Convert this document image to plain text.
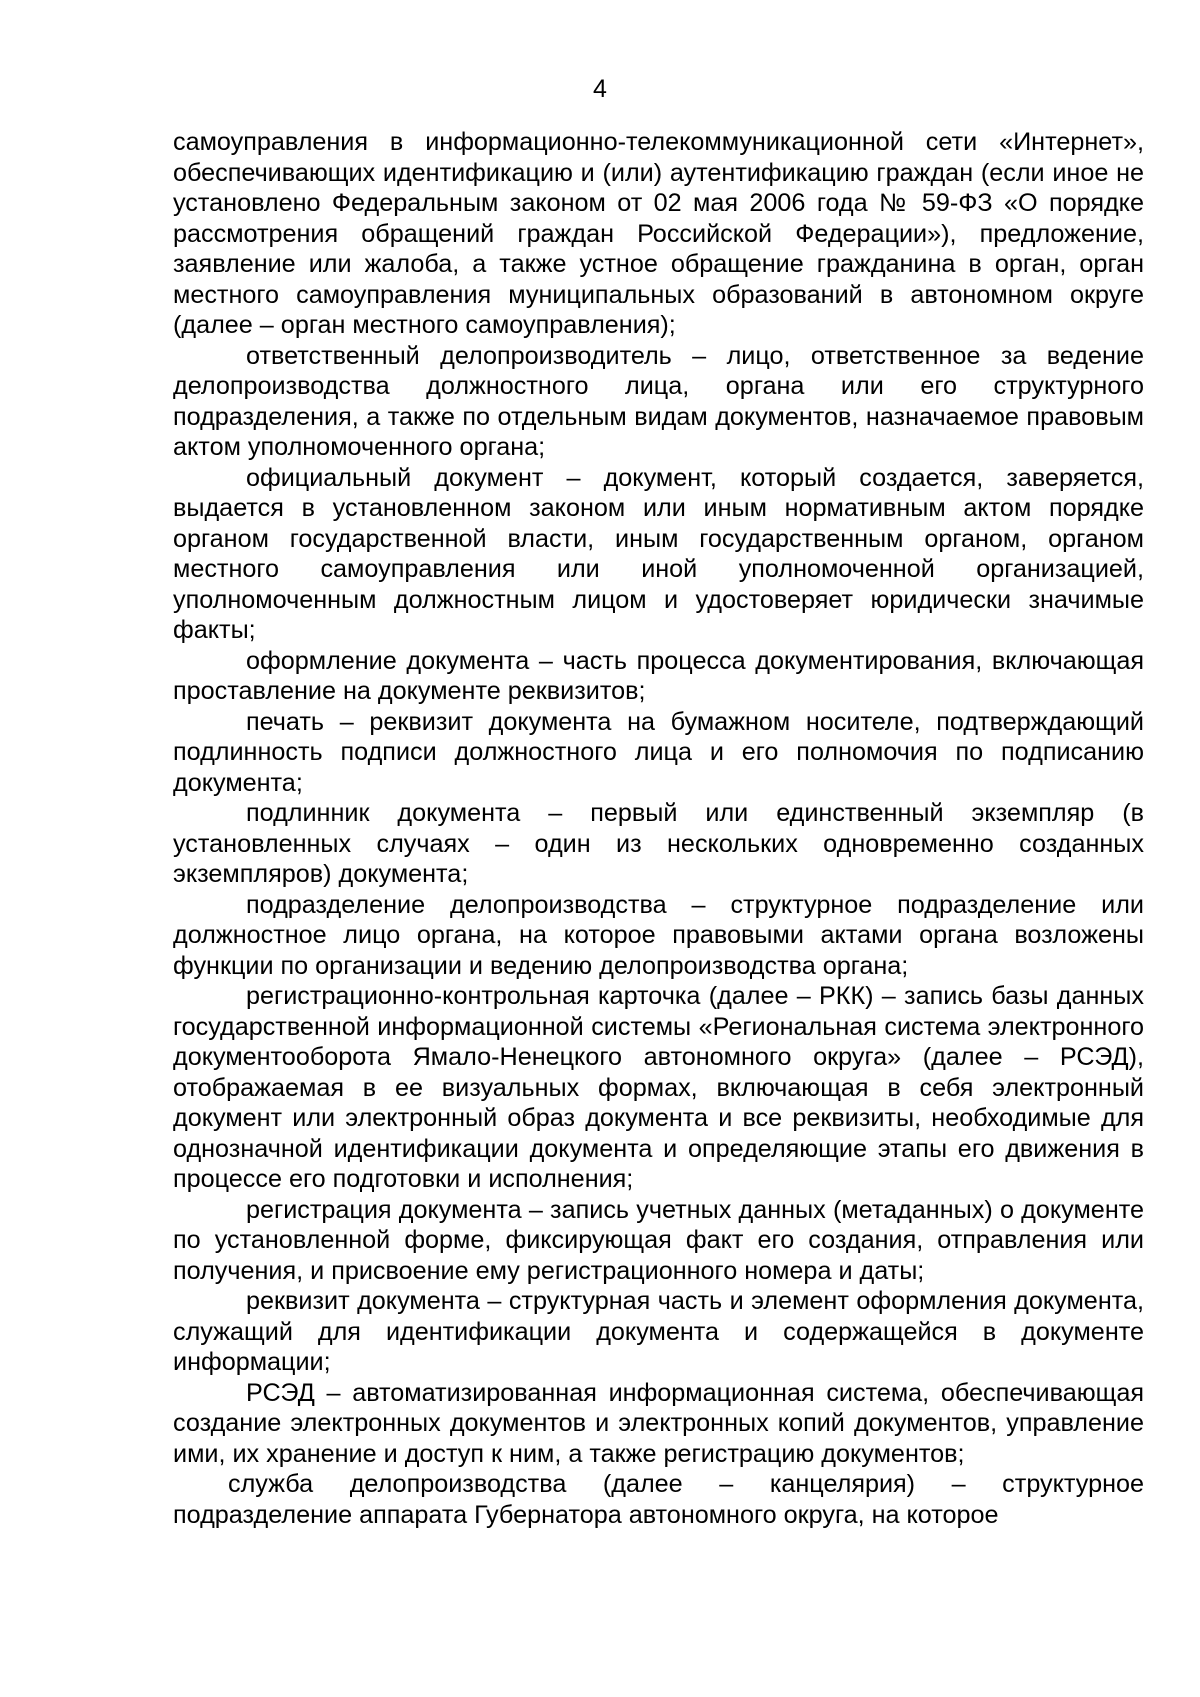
4

самоуправления в информационно-телекоммуникационной сети «Интернет», обеспечивающих идентификацию и (или) аутентификацию граждан (если иное не установлено Федеральным законом от 02 мая 2006 года № 59-ФЗ «О порядке рассмотрения обращений граждан Российской Федерации»), предложение, заявление или жалоба, а также устное обращение гражданина в орган, орган местного самоуправления муниципальных образований в автономном округе (далее – орган местного самоуправления);

ответственный делопроизводитель – лицо, ответственное за ведение делопроизводства должностного лица, органа или его структурного подразделения, а также по отдельным видам документов, назначаемое правовым актом уполномоченного органа;

официальный документ – документ, который создается, заверяется, выдается в установленном законом или иным нормативным актом порядке органом государственной власти, иным государственным органом, органом местного самоуправления или иной уполномоченной организацией, уполномоченным должностным лицом и удостоверяет юридически значимые факты;

оформление документа – часть процесса документирования, включающая проставление на документе реквизитов;

печать – реквизит документа на бумажном носителе, подтверждающий подлинность подписи должностного лица и его полномочия по подписанию документа;

подлинник документа – первый или единственный экземпляр (в установленных случаях – один из нескольких одновременно созданных экземпляров) документа;

подразделение делопроизводства – структурное подразделение или должностное лицо органа, на которое правовыми актами органа возложены функции по организации и ведению делопроизводства органа;

регистрационно-контрольная карточка (далее – РКК) – запись базы данных государственной информационной системы «Региональная система электронного документооборота Ямало-Ненецкого автономного округа» (далее – РСЭД), отображаемая в ее визуальных формах, включающая в себя электронный документ или электронный образ документа и все реквизиты, необходимые для однозначной идентификации документа и определяющие этапы его движения в процессе его подготовки и исполнения;

регистрация документа – запись учетных данных (метаданных) о документе по установленной форме, фиксирующая факт его создания, отправления или получения, и присвоение ему регистрационного номера и даты;

реквизит документа – структурная часть и элемент оформления документа, служащий для идентификации документа и содержащейся в документе информации;

РСЭД – автоматизированная информационная система, обеспечивающая создание электронных документов и электронных копий документов, управление ими, их хранение и доступ к ним, а также регистрацию документов;

служба делопроизводства (далее – канцелярия) – структурное подразделение аппарата Губернатора автономного округа, на которое
